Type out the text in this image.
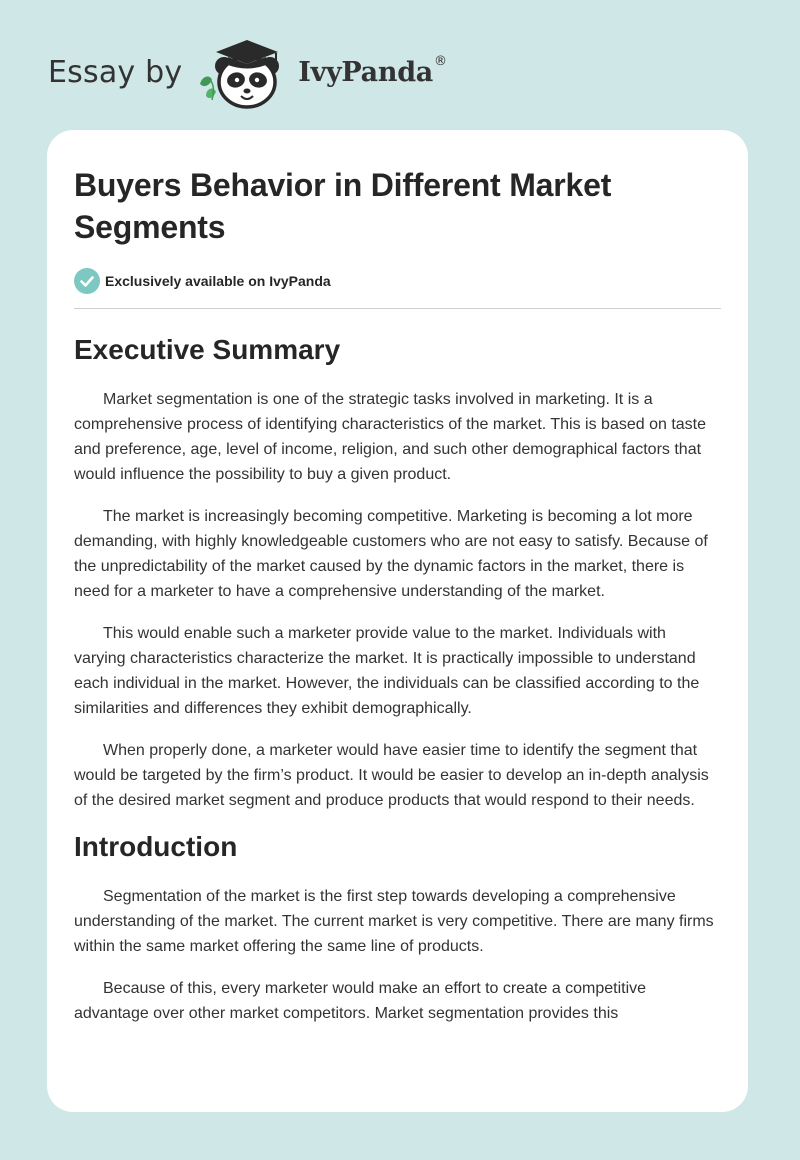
Essay by	IvyPanda ®
Buyers Behavior in Different Market Segments
Exclusively available on IvyPanda
Executive Summary

Market segmentation is one of the strategic tasks involved in marketing. It is a comprehensive process of identifying characteristics of the market. This is based on taste and preference, age, level of income, religion, and such other demographical factors that would influence the possibility to buy a given product.

The market is increasingly becoming competitive. Marketing is becoming a lot more demanding, with highly knowledgeable customers who are not easy to satisfy. Because of the unpredictability of the market caused by the dynamic factors in the market, there is need for a marketer to have a comprehensive understanding of the market.

This would enable such a marketer provide value to the market. Individuals with varying characteristics characterize the market. It is practically impossible to understand each individual in the market. However, the individuals can be classified according to the similarities and differences they exhibit demographically.

When properly done, a marketer would have easier time to identify the segment that would be targeted by the firm’s product. It would be easier to develop an in-depth analysis of the desired market segment and produce products that would respond to their needs.

Introduction

Segmentation of the market is the first step towards developing a comprehensive understanding of the market. The current market is very competitive. There are many firms within the same market offering the same line of products.

Because of this, every marketer would make an effort to create a competitive advantage over other market competitors. Market segmentation provides this
